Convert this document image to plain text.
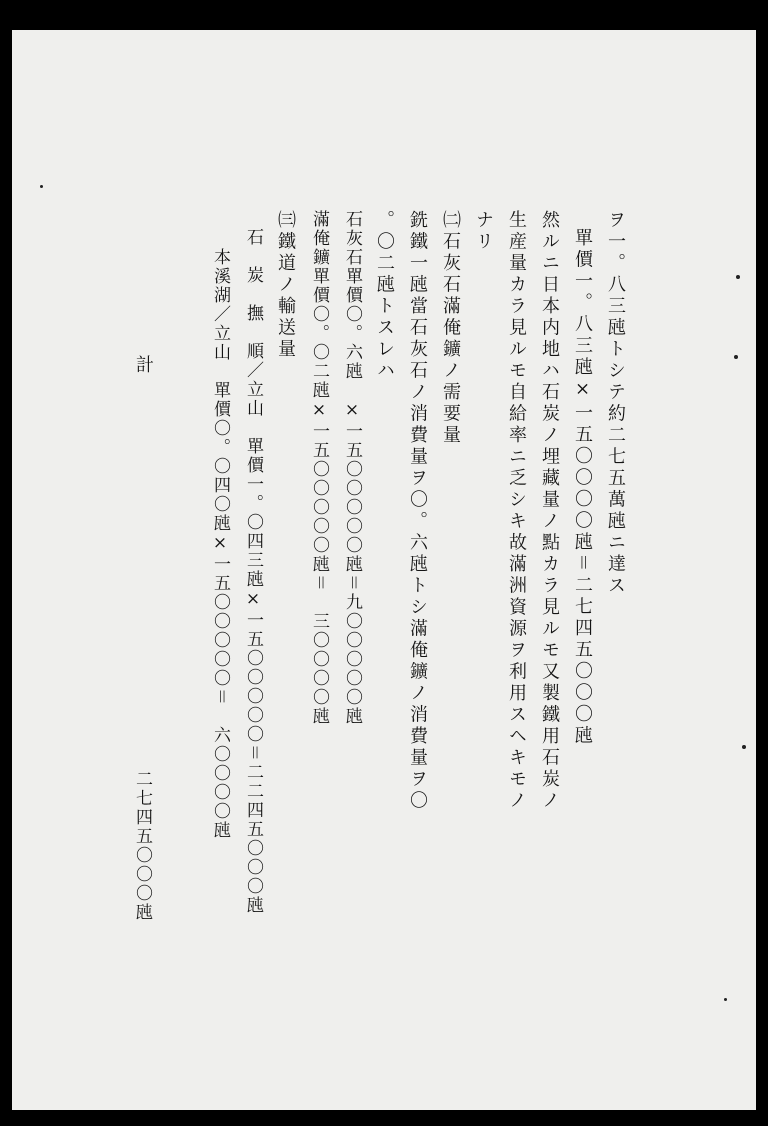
ヲ一。八三瓲トシテ約二七五萬瓲ニ達ス

單價一。八三瓲×一五〇〇〇〇瓲＝二七四五〇〇〇瓲

然ルニ日本内地ハ石炭ノ埋藏量ノ點カラ見ルモ又製鐵用石炭ノ

生産量カラ見ルモ自給率ニ乏シキ故滿洲資源ヲ利用スヘキモノ

ナリ

㈡石灰石滿俺鑛ノ需要量

銑鐵一瓲當石灰石ノ消費量ヲ〇。六瓲トシ滿俺鑛ノ消費量ヲ〇

。〇二瓲トスレハ

石灰石單價〇。六瓲　×一五〇〇〇〇〇瓲＝九〇〇〇〇〇瓲

滿俺鑛單價〇。〇二瓲×一五〇〇〇〇〇瓲＝　三〇〇〇〇瓲

㈢鐵道ノ輸送量

石　炭　撫　順／立山　單價一。〇四三瓲×一五〇〇〇〇〇＝二二四五〇〇〇瓲

本溪湖／立山　單價〇。〇四〇瓲×一五〇〇〇〇〇＝　六〇〇〇〇瓲

計
二七四五〇〇〇瓲
